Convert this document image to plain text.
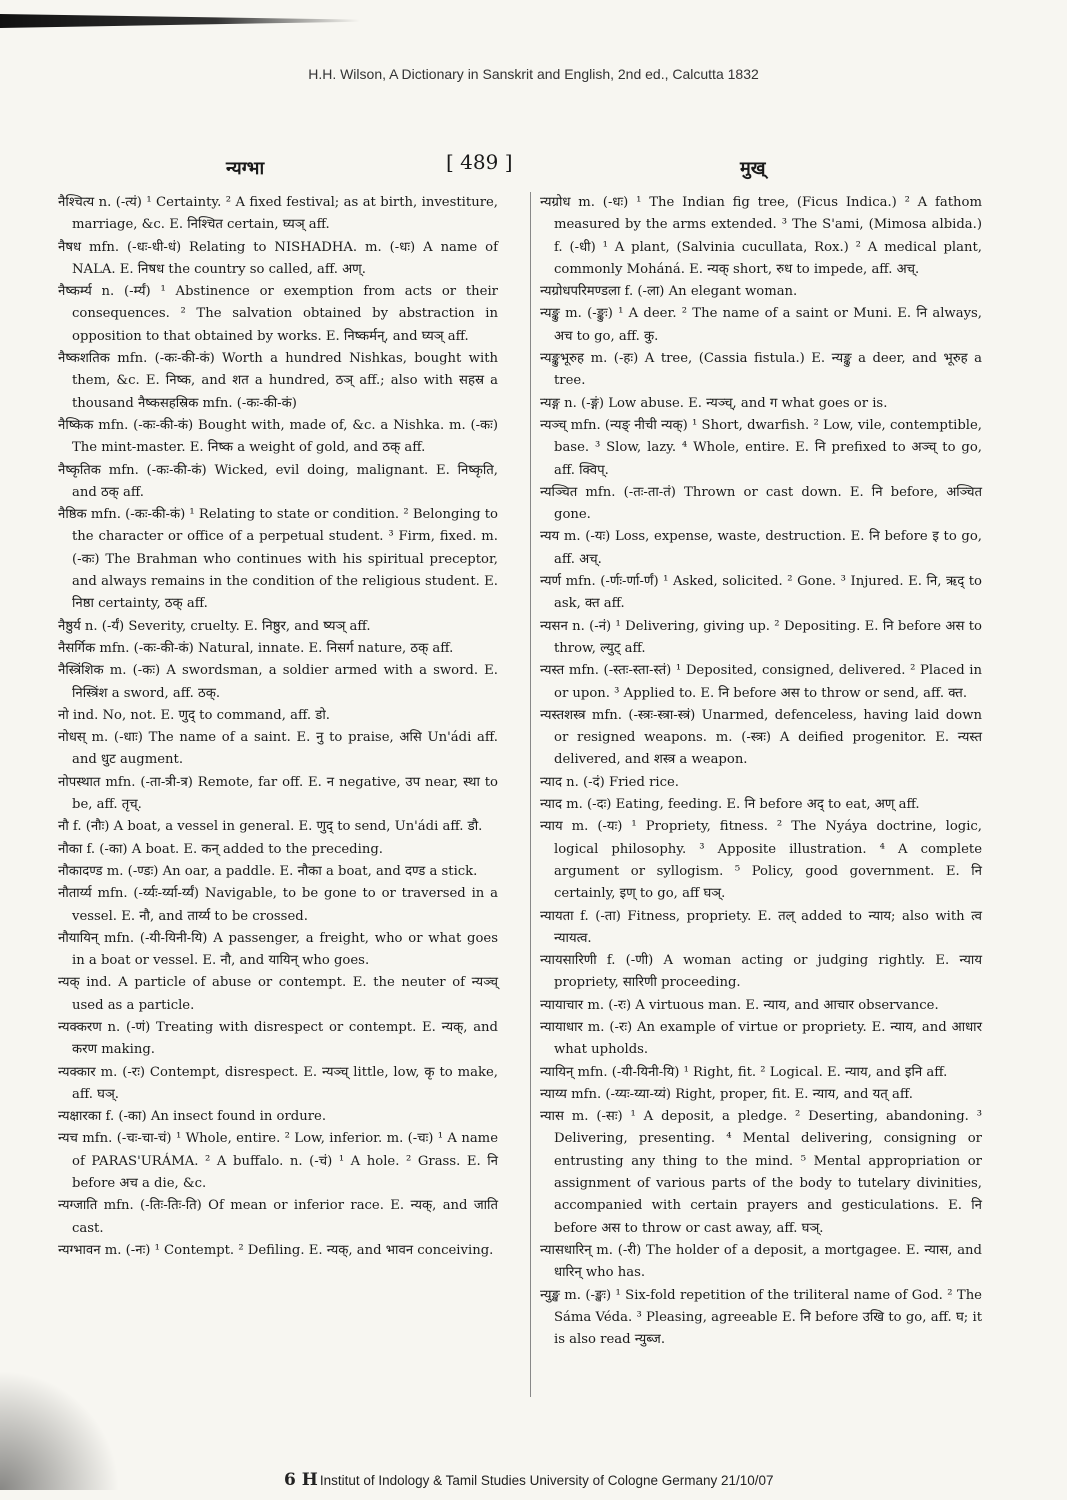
H.H. Wilson, A Dictionary in Sanskrit and English, 2nd ed., Calcutta 1832
न्यग्भा	[ 489 ]	मुख्

नैश्चित्य n. (-त्यं) ¹ Certainty. ² A fixed festival; as at birth, investiture, marriage, &c. E. निश्चित certain, घ्यञ् aff.

नैषध mfn. (-धः-धी-धं) Relating to NISHADHA. m. (-धः) A name of NALA. E. निषध the country so called, aff. अण्.

नैष्कर्म्य n. (-र्म्यं) ¹ Abstinence or exemption from acts or their consequences. ² The salvation obtained by abstraction in opposition to that obtained by works. E. निष्कर्मन्, and घ्यञ् aff.

नैष्कशतिक mfn. (-कः-की-कं) Worth a hundred Nishkas, bought with them, &c. E. निष्क, and शत a hundred, ठञ् aff.; also with सहस्र a thousand नैष्कसहस्रिक mfn. (-कः-की-कं)

नैष्किक mfn. (-कः-की-कं) Bought with, made of, &c. a Nishka. m. (-कः) The mint-master. E. निष्क a weight of gold, and ठक् aff.

नैष्कृतिक mfn. (-कः-की-कं) Wicked, evil doing, malignant. E. निष्कृति, and ठक् aff.

नैष्ठिक mfn. (-कः-की-कं) ¹ Relating to state or condition. ² Belonging to the character or office of a perpetual student. ³ Firm, fixed. m. (-कः) The Brahman who continues with his spiritual preceptor, and always remains in the condition of the religious student. E. निष्ठा certainty, ठक् aff.

नैष्ठुर्य n. (-र्यं) Severity, cruelty. E. निष्ठुर, and ष्यञ् aff.

नैसर्गिक mfn. (-कः-की-कं) Natural, innate. E. निसर्ग nature, ठक् aff.

नैस्त्रिंशिक m. (-कः) A swordsman, a soldier armed with a sword. E. निस्त्रिंश a sword, aff. ठक्.

नो ind. No, not. E. णुद् to command, aff. डो.

नोधस् m. (-धाः) The name of a saint. E. नु to praise, असि Un'ádi aff. and धुट augment.

नोपस्थात mfn. (-ता-त्री-त्र) Remote, far off. E. न negative, उप near, स्था to be, aff. तृच्.

नौ f. (नौः) A boat, a vessel in general. E. णुद् to send, Un'ádi aff. डौ.

नौका f. (-का) A boat. E. कन् added to the preceding.

नौकादण्ड m. (-ण्डः) An oar, a paddle. E. नौका a boat, and दण्ड a stick.

नौतार्य्य mfn. (-र्य्यः-र्य्या-र्य्यं) Navigable, to be gone to or traversed in a vessel. E. नौ, and तार्य्य to be crossed.

नौयायिन् mfn. (-यी-यिनी-यि) A passenger, a freight, who or what goes in a boat or vessel. E. नौ, and यायिन् who goes.

न्यक् ind. A particle of abuse or contempt. E. the neuter of न्यञ्च् used as a particle.

न्यक्करण n. (-णं) Treating with disrespect or contempt. E. न्यक्, and करण making.

न्यक्कार m. (-रः) Contempt, disrespect. E. न्यञ्च् little, low, कृ to make, aff. घञ्.

न्यक्षारका f. (-का) An insect found in ordure.

न्यच mfn. (-चः-चा-चं) ¹ Whole, entire. ² Low, inferior. m. (-चः) ¹ A name of PARAS'URÁMA. ² A buffalo. n. (-चं) ¹ A hole. ² Grass. E. नि before अच a die, &c.

न्यग्जाति mfn. (-तिः-तिः-ति) Of mean or inferior race. E. न्यक्, and जाति cast.

न्यग्भावन m. (-नः) ¹ Contempt. ² Defiling. E. न्यक्, and भावन conceiving.

न्यग्रोध m. (-धः) ¹ The Indian fig tree, (Ficus Indica.) ² A fathom measured by the arms extended. ³ The S'ami, (Mimosa albida.) f. (-धी) ¹ A plant, (Salvinia cucullata, Rox.) ² A medical plant, commonly Moháná. E. न्यक् short, रुध to impede, aff. अच्.

न्यग्रोधपरिमण्डला f. (-ला) An elegant woman.

न्यङ्कु m. (-ङ्कुः) ¹ A deer. ² The name of a saint or Muni. E. नि always, अच to go, aff. कु.

न्यङ्कुभूरुह m. (-हः) A tree, (Cassia fistula.) E. न्यङ्कु a deer, and भूरुह a tree.

न्यङ्ग n. (-ङ्गं) Low abuse. E. न्यञ्च्, and ग what goes or is.

न्यञ्च् mfn. (न्यङ् नीची न्यक्) ¹ Short, dwarfish. ² Low, vile, contemptible, base. ³ Slow, lazy. ⁴ Whole, entire. E. नि prefixed to अञ्च् to go, aff. क्विप्.

न्यञ्चित mfn. (-तः-ता-तं) Thrown or cast down. E. नि before, अञ्चित gone.

न्यय m. (-यः) Loss, expense, waste, destruction. E. नि before इ to go, aff. अच्.

न्यर्ण mfn. (-र्णः-र्णा-र्णं) ¹ Asked, solicited. ² Gone. ³ Injured. E. नि, ऋद् to ask, क्त aff.

न्यसन n. (-नं) ¹ Delivering, giving up. ² Depositing. E. नि before अस to throw, ल्युट् aff.

न्यस्त mfn. (-स्तः-स्ता-स्तं) ¹ Deposited, consigned, delivered. ² Placed in or upon. ³ Applied to. E. नि before अस to throw or send, aff. क्त.

न्यस्तशस्त्र mfn. (-स्त्रः-स्त्रा-स्त्रं) Unarmed, defenceless, having laid down or resigned weapons. m. (-स्त्रः) A deified progenitor. E. न्यस्त delivered, and शस्त्र a weapon.

न्याद n. (-दं) Fried rice.

न्याद m. (-दः) Eating, feeding. E. नि before अद् to eat, अण् aff.

न्याय m. (-यः) ¹ Propriety, fitness. ² The Nyáya doctrine, logic, logical philosophy. ³ Apposite illustration. ⁴ A complete argument or syllogism. ⁵ Policy, good government. E. नि certainly, इण् to go, aff घञ्.

न्यायता f. (-ता) Fitness, propriety. E. तल् added to न्याय; also with त्व न्यायत्व.

न्यायसारिणी f. (-णी) A woman acting or judging rightly. E. न्याय propriety, सारिणी proceeding.

न्यायाचार m. (-रः) A virtuous man. E. न्याय, and आचार observance.

न्यायाधार m. (-रः) An example of virtue or propriety. E. न्याय, and आधार what upholds.

न्यायिन् mfn. (-यी-यिनी-यि) ¹ Right, fit. ² Logical. E. न्याय, and इनि aff.

न्याय्य mfn. (-य्यः-य्या-य्यं) Right, proper, fit. E. न्याय, and यत् aff.

न्यास m. (-सः) ¹ A deposit, a pledge. ² Deserting, abandoning. ³ Delivering, presenting. ⁴ Mental delivering, consigning or entrusting any thing to the mind. ⁵ Mental appropriation or assignment of various parts of the body to tutelary divinities, accompanied with certain prayers and gesticulations. E. नि before अस to throw or cast away, aff. घञ्.

न्यासधारिन् m. (-री) The holder of a deposit, a mortgagee. E. न्यास, and धारिन् who has.

न्युङ्ख m. (-ङ्खः) ¹ Six-fold repetition of the triliteral name of God. ² The Sáma Véda. ³ Pleasing, agreeable E. नि before उखि to go, aff. घ; it is also read न्युब्ज.

6 H Institut of Indology & Tamil Studies University of Cologne Germany 21/10/07
